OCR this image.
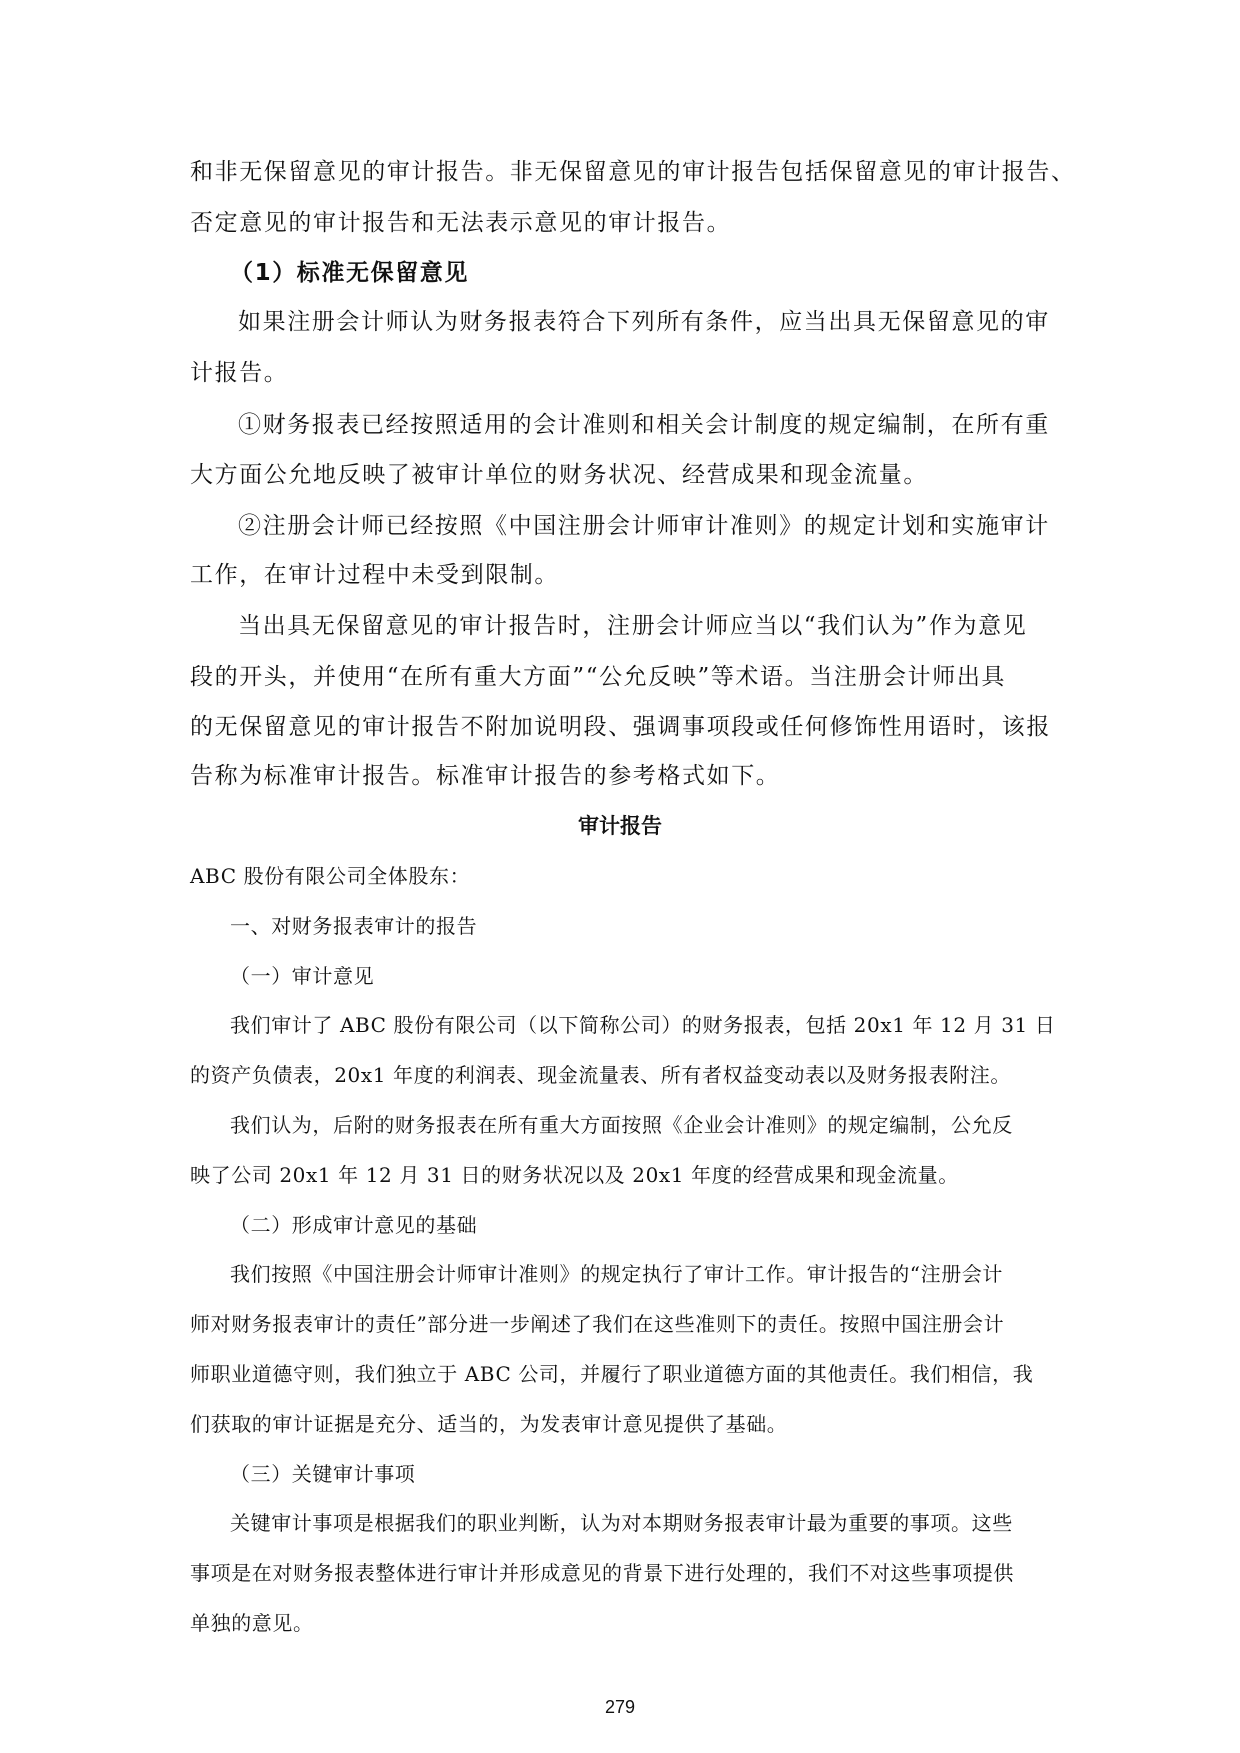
和非无保留意见的审计报告。非无保留意见的审计报告包括保留意见的审计报告、
否定意见的审计报告和无法表示意见的审计报告。
（1）标准无保留意见
如果注册会计师认为财务报表符合下列所有条件，应当出具无保留意见的审
计报告。
①财务报表已经按照适用的会计准则和相关会计制度的规定编制，在所有重
大方面公允地反映了被审计单位的财务状况、经营成果和现金流量。
②注册会计师已经按照《中国注册会计师审计准则》的规定计划和实施审计
工作，在审计过程中未受到限制。
当出具无保留意见的审计报告时，注册会计师应当以“我们认为”作为意见
段的开头，并使用“在所有重大方面”“公允反映”等术语。当注册会计师出具
的无保留意见的审计报告不附加说明段、强调事项段或任何修饰性用语时，该报
告称为标准审计报告。标准审计报告的参考格式如下。
审计报告
ABC 股份有限公司全体股东：
一、对财务报表审计的报告
（一）审计意见
我们审计了 ABC 股份有限公司（以下简称公司）的财务报表，包括 20x1 年 12 月 31 日
的资产负债表，20x1 年度的利润表、现金流量表、所有者权益变动表以及财务报表附注。
我们认为，后附的财务报表在所有重大方面按照《企业会计准则》的规定编制，公允反
映了公司 20x1 年 12 月 31 日的财务状况以及 20x1 年度的经营成果和现金流量。
（二）形成审计意见的基础
我们按照《中国注册会计师审计准则》的规定执行了审计工作。审计报告的“注册会计
师对财务报表审计的责任”部分进一步阐述了我们在这些准则下的责任。按照中国注册会计
师职业道德守则，我们独立于 ABC 公司，并履行了职业道德方面的其他责任。我们相信，我
们获取的审计证据是充分、适当的，为发表审计意见提供了基础。
（三）关键审计事项
关键审计事项是根据我们的职业判断，认为对本期财务报表审计最为重要的事项。这些
事项是在对财务报表整体进行审计并形成意见的背景下进行处理的，我们不对这些事项提供
单独的意见。
279
